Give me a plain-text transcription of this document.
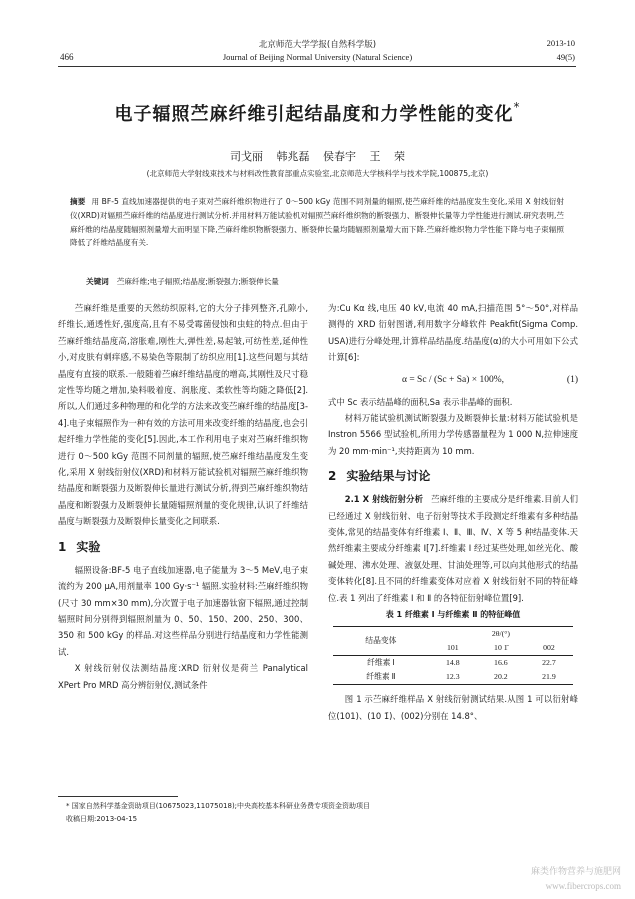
北京师范大学学报(自然科学版)
466	Journal of Beijing Normal University (Natural Science)
2013-10
49(5)
电子辐照苎麻纤维引起结晶度和力学性能的变化*
司戈丽 韩兆磊 侯春宇 王 荣
(北京师范大学射线束技术与材料改性教育部重点实验室,北京师范大学核科学与技术学院,100875,北京)
摘要 用 BF-5 直线加速器提供的电子束对苎麻纤维织物进行了 0～500 kGy 范围不同剂量的辐照,使苎麻纤维的结晶度发生变化,采用 X 射线衍射仪(XRD)对辐照苎麻纤维的结晶度进行测试分析.并用材料万能试验机对辐照苎麻纤维织物的断裂强力、断裂伸长量等力学性能进行测试.研究表明,苎麻纤维的结晶度随辐照剂量增大而明显下降,苎麻纤维织物断裂强力、断裂伸长量均随辐照剂量增大而下降.苎麻纤维织物力学性能下降与电子束辐照降低了纤维结晶度有关.
关键词 苎麻纤维;电子辐照;结晶度;断裂强力;断裂伸长量

苎麻纤维是重要的天然纺织原料,它的大分子排列整齐,孔隙小,纤维长,通透性好,强度高,且有不易受霉菌侵蚀和虫蛀的特点.但由于苎麻纤维结晶度高,溶胀难,刚性大,弹性差,易起皱,可纺性差,延伸性小,对皮肤有刺痒感,不易染色等限制了纺织应用[1].这些问题与其结晶度有直接的联系.一般随着苎麻纤维结晶度的增高,其刚性及尺寸稳定性等均随之增加,染料吸着度、润胀度、柔软性等均随之降低[2].所以,人们通过多种物理的和化学的方法来改变苎麻纤维的结晶度[3-4].电子束辐照作为一种有效的方法可用来改变纤维的结晶度,也会引起纤维力学性能的变化[5].因此,本工作利用电子束对苎麻纤维织物进行 0～500 kGy 范围不同剂量的辐照,使苎麻纤维结晶度发生变化,采用 X 射线衍射仪(XRD)和材料万能试验机对辐照苎麻纤维织物结晶度和断裂强力及断裂伸长量进行测试分析,得到苎麻纤维织物结晶度和断裂强力及断裂伸长量随辐照剂量的变化规律,认识了纤维结晶度与断裂强力及断裂伸长量变化之间联系.

1 实验

辐照设备:BF-5 电子直线加速器,电子能量为 3～5 MeV,电子束流约为 200 μA,用剂量率 100 Gy·s⁻¹ 辐照.实验材料:苎麻纤维织物(尺寸 30 mm×30 mm),分次置于电子加速器钛窗下辐照,通过控制辐照时间分别得到辐照剂量为 0、50、150、200、250、300、350 和 500 kGy 的样品.对这些样品分别进行结晶度和力学性能测试.

X 射线衍射仪法测结晶度:XRD 衍射仪是荷兰 Panalytical XPert Pro MRD 高分辨衍射仪,测试条件

为:Cu Kα 线,电压 40 kV,电流 40 mA,扫描范围 5°～50°,对样品测得的 XRD 衍射图谱,利用数字分峰软件 Peakfit(Sigma Comp. USA)进行分峰处理,计算样品结晶度.结晶度(α)的大小可用如下公式计算[6]:

α = Sc / (Sc + Sa) × 100%,	(1)

式中 Sc 表示结晶峰的面积,Sa 表示非晶峰的面积.

材料万能试验机测试断裂强力及断裂伸长量:材料万能试验机是 Instron 5566 型试验机,所用力学传感器量程为 1 000 N,拉伸速度为 20 mm·min⁻¹,夹持距离为 10 mm.

2 实验结果与讨论

2.1 X 射线衍射分析 苎麻纤维的主要成分是纤维素.目前人们已经通过 X 射线衍射、电子衍射等技术手段测定纤维素有多种结晶变体,常见的结晶变体有纤维素 Ⅰ、Ⅱ、Ⅲ、Ⅳ、X 等 5 种结晶变体.天然纤维素主要成分纤维素 Ⅰ[7].纤维素 Ⅰ 经过某些处理,如丝光化、酸碱处理、沸水处理、液氨处理、甘油处理等,可以向其他形式的结晶变体转化[8].且不同的纤维素变体对应着 X 射线衍射不同的特征峰位.表 1 列出了纤维素 Ⅰ 和 Ⅱ 的各特征衍射峰位置[9].

表 1 纤维素 Ⅰ 与纤维素 Ⅱ 的特征峰值
结晶变体	2θ/(°)		
	101	10 1̄	002
纤维素 Ⅰ	14.8	16.6	22.7
纤维素 Ⅱ	12.3	20.2	21.9

图 1 示苎麻纤维样品 X 射线衍射测试结果.从图 1 可以衍射峰位(101)、(10 1̄)、(002)分别在 14.8°、

* 国家自然科学基金资助项目(10675023,11075018);中央高校基本科研业务费专项资金资助项目
收稿日期:2013-04-15
麻类作物营养与施肥网
www.fibercrops.com
